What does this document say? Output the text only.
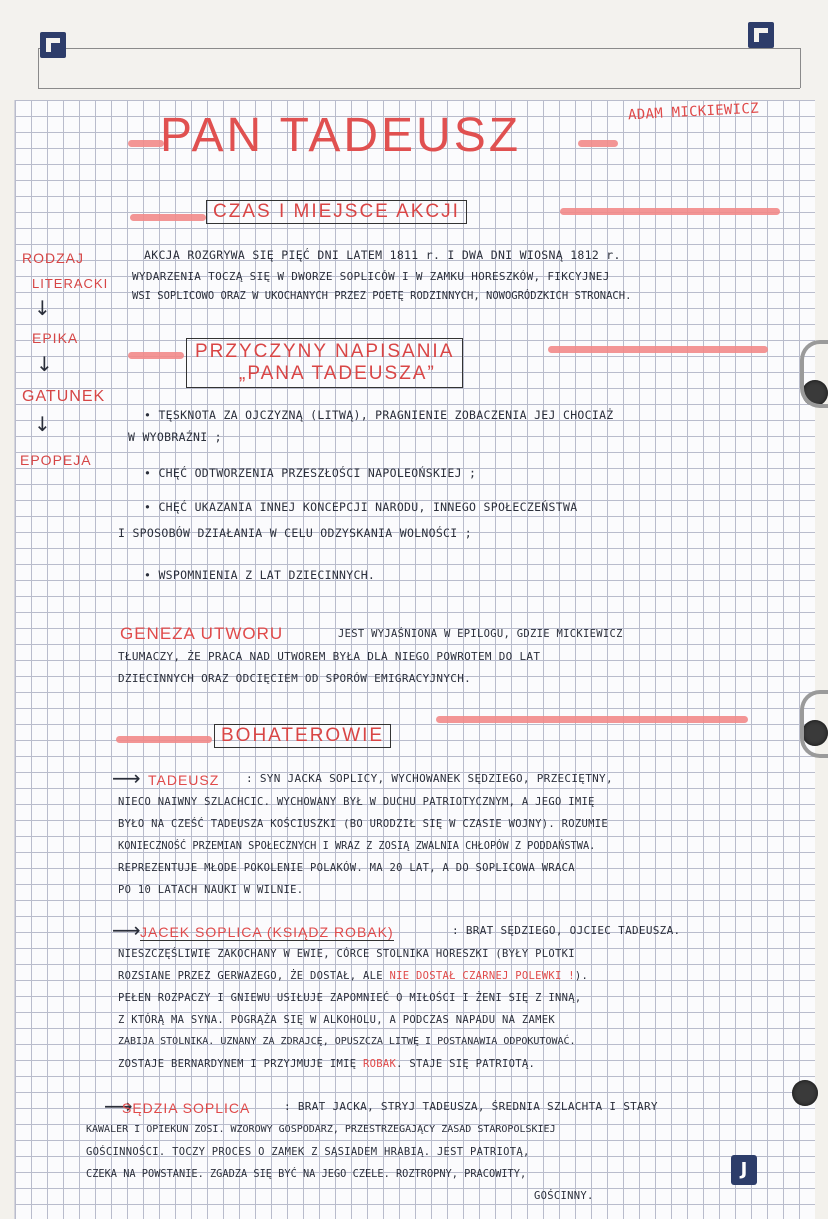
PAN TADEUSZ	ADAM MICKIEWICZ
RODZAJ
LITERACKI
↓
EPIKA
↓
GATUNEK
↓
EPOPEJA
CZAS I MIEJSCE AKCJI
AKCJA ROZGRYWA SIĘ PIĘĆ DNI LATEM 1811 r. I DWA DNI WIOSNĄ 1812 r.
WYDARZENIA TOCZĄ SIĘ W DWORZE SOPLICÓW I W ZAMKU HORESZKÓW, FIKCYJNEJ
WSI SOPLICOWO ORAZ W UKOCHANYCH PRZEZ POETĘ RODZINNYCH, NOWOGRÓDZKICH STRONACH.
PRZYCZYNY NAPISANIA
„PANA TADEUSZA”
• TĘSKNOTA ZA OJCZYZNĄ (LITWĄ), PRAGNIENIE ZOBACZENIA JEJ CHOCIAŻ
W WYOBRAŹNI ;
• CHĘĆ ODTWORZENIA PRZESZŁOŚCI NAPOLEOŃSKIEJ ;
• CHĘĆ UKAZANIA INNEJ KONCEPCJI NARODU, INNEGO SPOŁECZEŃSTWA
I SPOSOBÓW DZIAŁANIA W CELU ODZYSKANIA WOLNOŚCI ;
• WSPOMNIENIA Z LAT DZIECINNYCH.
GENEZA UTWORU	JEST WYJAŚNIONA W EPILOGU, GDZIE MICKIEWICZ
TŁUMACZY, ŻE PRACA NAD UTWOREM BYŁA DLA NIEGO POWROTEM DO LAT
DZIECINNYCH ORAZ ODCIĘCIEM OD SPORÓW EMIGRACYJNYCH.
BOHATEROWIE
⟶ TADEUSZ : SYN JACKA SOPLICY, WYCHOWANEK SĘDZIEGO, PRZECIĘTNY,
NIECO NAIWNY SZLACHCIC. WYCHOWANY BYŁ W DUCHU PATRIOTYCZNYM, A JEGO IMIĘ
BYŁO NA CZEŚĆ TADEUSZA KOŚCIUSZKI (BO URODZIŁ SIĘ W CZASIE WOJNY). ROZUMIE
KONIECZNOŚĆ PRZEMIAN SPOŁECZNYCH I WRAZ Z ZOSIĄ ZWALNIA CHŁOPÓW Z PODDAŃSTWA.
REPREZENTUJE MŁODE POKOLENIE POLAKÓW. MA 20 LAT, A DO SOPLICOWA WRACA
PO 10 LATACH NAUKI W WILNIE.
⟶ JACEK SOPLICA (KSIĄDZ ROBAK)	: BRAT SĘDZIEGO, OJCIEC TADEUSZA.
NIESZCZĘŚLIWIE ZAKOCHANY W EWIE, CÓRCE STOLNIKA HORESZKI (BYŁY PLOTKI
ROZSIANE PRZEZ GERWAZEGO, ŻE DOSTAŁ, ALE NIE DOSTAŁ CZARNEJ POLEWKI !).
PEŁEN ROZPACZY I GNIEWU USIŁUJE ZAPOMNIEĆ O MIŁOŚCI I ŻENI SIĘ Z INNĄ,
Z KTÓRĄ MA SYNA. POGRĄŻA SIĘ W ALKOHOLU, A PODCZAS NAPADU NA ZAMEK
ZABIJA STOLNIKA. UZNANY ZA ZDRAJCĘ, OPUSZCZA LITWĘ I POSTANAWIA ODPOKUTOWAĆ.
ZOSTAJE BERNARDYNEM I PRZYJMUJE IMIĘ ROBAK. STAJE SIĘ PATRIOTĄ.
⟶
SĘDZIA SOPLICA	: BRAT JACKA, STRYJ TADEUSZA, ŚREDNIA SZLACHTA I STARY
KAWALER I OPIEKUN ZOSI. WZOROWY GOSPODARZ, PRZESTRZEGAJĄCY ZASAD STAROPOLSKIEJ
GOŚCINNOŚCI. TOCZY PROCES O ZAMEK Z SĄSIADEM HRABIĄ. JEST PATRIOTĄ,
CZEKA NA POWSTANIE. ZGADZA SIĘ BYĆ NA JEGO CZELE. ROZTROPNY, PRACOWITY,
GOŚCINNY.
J
